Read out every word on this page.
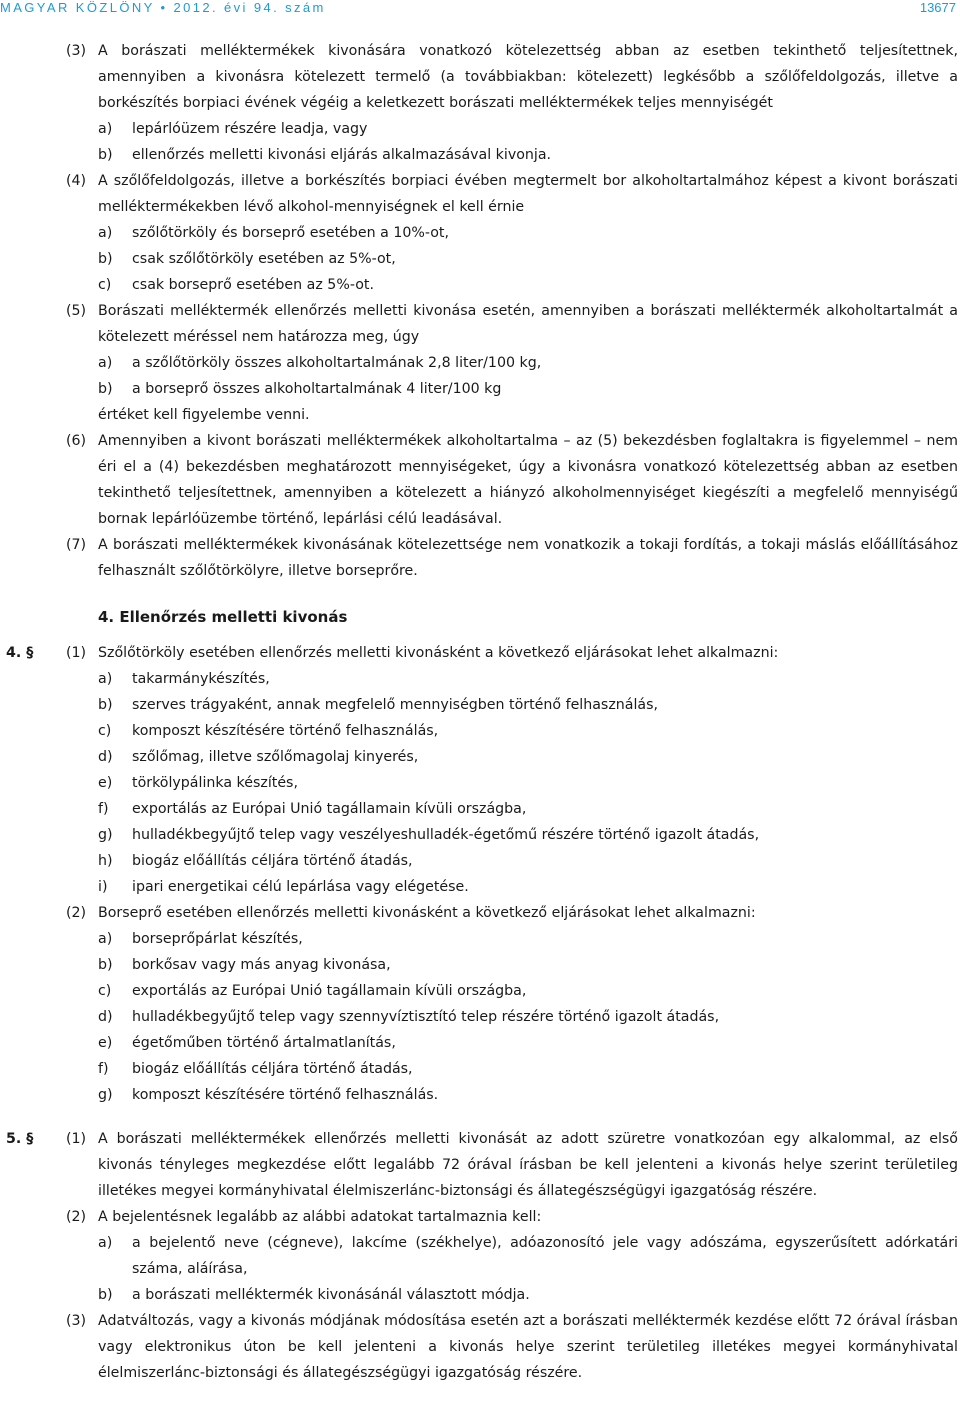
MAGYAR KÖZLÖNY • 2012. évi 94. szám	13677
(3) A borászati melléktermékek kivonására vonatkozó kötelezettség abban az esetben tekinthető teljesítettnek, amennyiben a kivonásra kötelezett termelő (a továbbiakban: kötelezett) legkésőbb a szőlőfeldolgozás, illetve a borkészítés borpiaci évének végéig a keletkezett borászati melléktermékek teljes mennyiségét
a) lepárlóüzem részére leadja, vagy
b) ellenőrzés melletti kivonási eljárás alkalmazásával kivonja.
(4) A szőlőfeldolgozás, illetve a borkészítés borpiaci évében megtermelt bor alkoholtartalmához képest a kivont borászati melléktermékekben lévő alkohol-mennyiségnek el kell érnie
a) szőlőtörköly és borseprő esetében a 10%-ot,
b) csak szőlőtörköly esetében az 5%-ot,
c) csak borseprő esetében az 5%-ot.
(5) Borászati melléktermék ellenőrzés melletti kivonása esetén, amennyiben a borászati melléktermék alkoholtartalmát a kötelezett méréssel nem határozza meg, úgy
a) a szőlőtörköly összes alkoholtartalmának 2,8 liter/100 kg,
b) a borseprő összes alkoholtartalmának 4 liter/100 kg
értéket kell figyelembe venni.
(6) Amennyiben a kivont borászati melléktermékek alkoholtartalma – az (5) bekezdésben foglaltakra is figyelemmel – nem éri el a (4) bekezdésben meghatározott mennyiségeket, úgy a kivonásra vonatkozó kötelezettség abban az esetben tekinthető teljesítettnek, amennyiben a kötelezett a hiányzó alkoholmennyiséget kiegészíti a megfelelő mennyiségű bornak lepárlóüzembe történő, lepárlási célú leadásával.
(7) A borászati melléktermékek kivonásának kötelezettsége nem vonatkozik a tokaji fordítás, a tokaji máslás előállításához felhasznált szőlőtörkölyre, illetve borseprőre.
4. Ellenőrzés melletti kivonás
4. § (1) Szőlőtörköly esetében ellenőrzés melletti kivonásként a következő eljárásokat lehet alkalmazni:
a) takarmánykészítés,
b) szerves trágyaként, annak megfelelő mennyiségben történő felhasználás,
c) komposzt készítésére történő felhasználás,
d) szőlőmag, illetve szőlőmagolaj kinyerés,
e) törkölypálinka készítés,
f) exportálás az Európai Unió tagállamain kívüli országba,
g) hulladékbegyűjtő telep vagy veszélyeshulladék-égetőmű részére történő igazolt átadás,
h) biogáz előállítás céljára történő átadás,
i) ipari energetikai célú lepárlása vagy elégetése.
(2) Borseprő esetében ellenőrzés melletti kivonásként a következő eljárásokat lehet alkalmazni:
a) borseprőpárlat készítés,
b) borkősav vagy más anyag kivonása,
c) exportálás az Európai Unió tagállamain kívüli országba,
d) hulladékbegyűjtő telep vagy szennyvíztisztító telep részére történő igazolt átadás,
e) égetőműben történő ártalmatlanítás,
f) biogáz előállítás céljára történő átadás,
g) komposzt készítésére történő felhasználás.
5. § (1) A borászati melléktermékek ellenőrzés melletti kivonását az adott szüretre vonatkozóan egy alkalommal, az első kivonás tényleges megkezdése előtt legalább 72 órával írásban be kell jelenteni a kivonás helye szerint területileg illetékes megyei kormányhivatal élelmiszerlánc-biztonsági és állategészségügyi igazgatóság részére.
(2) A bejelentésnek legalább az alábbi adatokat tartalmaznia kell:
a) a bejelentő neve (cégneve), lakcíme (székhelye), adóazonosító jele vagy adószáma, egyszerűsített adórkatári száma, aláírása,
b) a borászati melléktermék kivonásánál választott módja.
(3) Adatváltozás, vagy a kivonás módjának módosítása esetén azt a borászati melléktermék kezdése előtt 72 órával írásban vagy elektronikus úton be kell jelenteni a kivonás helye szerint területileg illetékes megyei kormányhivatal élelmiszerlánc-biztonsági és állategészségügyi igazgatóság részére.
